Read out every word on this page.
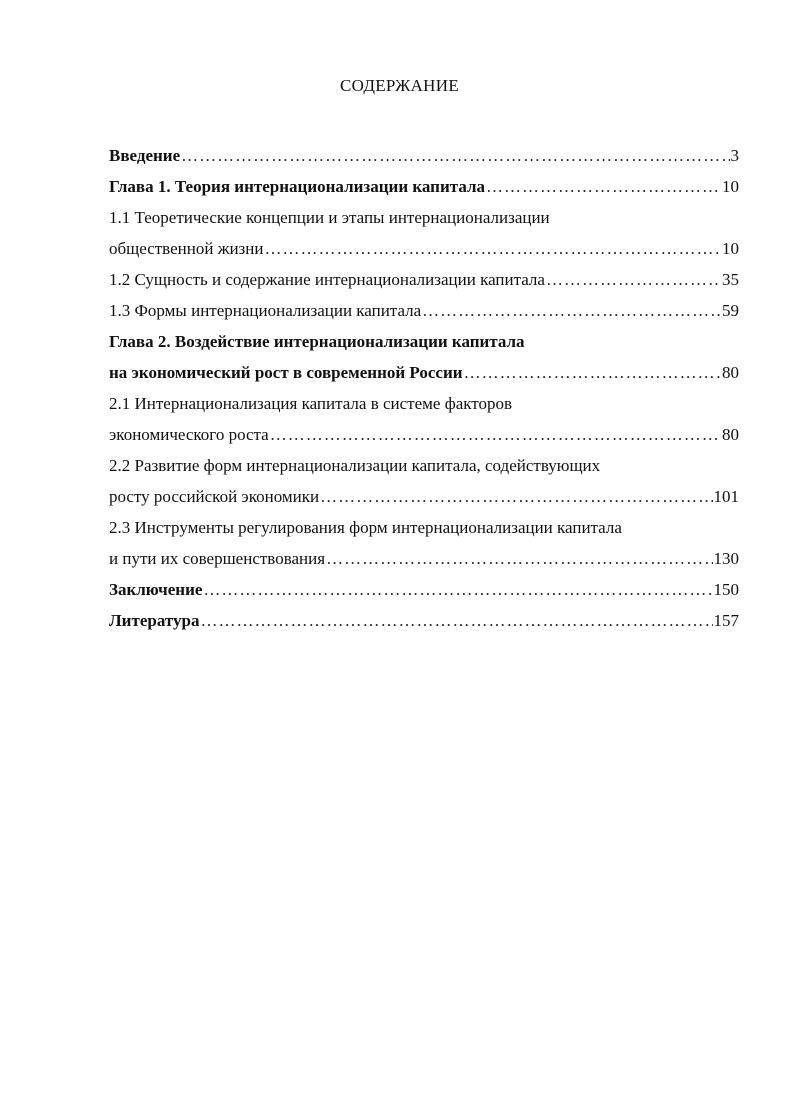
СОДЕРЖАНИЕ
Введение ……………………………………………………………………………………………………………………………………………………	3
Глава 1. Теория интернационализации капитала ……………………………………………………………………………………………………………………………………………………	10
1.1 Теоретические концепции и этапы интернационализации
общественной жизни ……………………………………………………………………………………………………………………………………………………	10
1.2 Сущность и содержание интернационализации капитала ……………………………………………………………………………………………………………………………………………………	35
1.3 Формы интернационализации капитала ……………………………………………………………………………………………………………………………………………………	59
Глава 2. Воздействие интернационализации капитала
на экономический рост в современной России ……………………………………………………………………………………………………………………………………………………	80
2.1 Интернационализация капитала в системе факторов
экономического роста ……………………………………………………………………………………………………………………………………………………	80
2.2 Развитие форм интернационализации капитала, содействующих
росту российской экономики ……………………………………………………………………………………………………………………………………………………	101
2.3 Инструменты регулирования форм интернационализации капитала
и пути их совершенствования ……………………………………………………………………………………………………………………………………………………	130
Заключение ……………………………………………………………………………………………………………………………………………………	150
Литература ……………………………………………………………………………………………………………………………………………………	157
